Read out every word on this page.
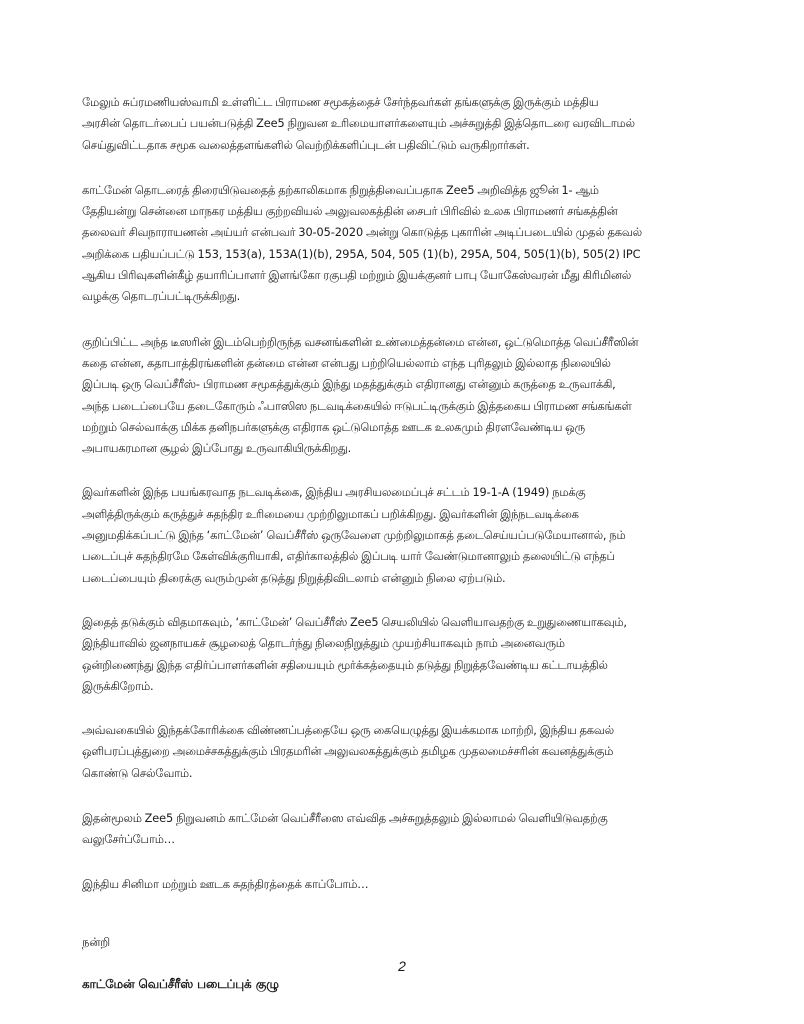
மேலும் சுப்ரமணியஸ்வாமி உள்ளிட்ட பிராமண சமூகத்தைச் சேர்ந்தவர்கள் தங்களுக்கு இருக்கும் மத்திய
அரசின் தொடர்பைப் பயன்படுத்தி Zee5 நிறுவன உரிமையாளர்களையும் அச்சுறுத்தி இத்தொடரை வரவிடாமல்
செய்துவிட்டதாக சமூக வலைத்தளங்களில் வெற்றிக்களிப்புடன் பதிவிட்டும் வருகிறார்கள்.

காட்மேன் தொடரைத் திரையிடுவதைத் தற்காலிகமாக நிறுத்திவைப்பதாக Zee5 அறிவித்த ஜூன் 1- ஆம்
தேதியன்று சென்னை மாநகர மத்திய குற்றவியல் அலுவலகத்தின் சைபர் பிரிவில் உலக பிராமணர் சங்கத்தின்
தலைவர் சிவநாராயணன் அய்யர் என்பவர் 30-05-2020 அன்று கொடுத்த புகாரின் அடிப்படையில் முதல் தகவல்
அறிக்கை பதியப்பட்டு 153, 153(a), 153A(1)(b), 295A, 504, 505 (1)(b), 295A, 504, 505(1)(b), 505(2) IPC
ஆகிய பிரிவுகளின்கீழ் தயாரிப்பாளர் இளங்கோ ரகுபதி மற்றும் இயக்குனர் பாபு யோகேஸ்வரன் மீது கிரிமினல்
வழக்கு தொடரப்பட்டிருக்கிறது.

குறிப்பிட்ட அந்த டீஸரின் இடம்பெற்றிருந்த வசனங்களின் உண்மைத்தன்மை என்ன, ஒட்டுமொத்த வெப்சீரீஸின்
கதை என்ன, கதாபாத்திரங்களின் தன்மை என்ன என்பது பற்றியெல்லாம் எந்த புரிதலும் இல்லாத நிலையில்
இப்படி ஒரு வெப்சீரீஸ்- பிராமண சமூகத்துக்கும் இந்து மதத்துக்கும் எதிரானது என்னும் கருத்தை உருவாக்கி,
அந்த படைப்பையே தடைகோரும் ஃபாஸிஸ நடவடிக்கையில் ஈடுபட்டிருக்கும் இத்தகைய பிராமண சங்கங்கள்
மற்றும் செல்வாக்கு மிக்க தனிநபர்களுக்கு எதிராக ஒட்டுமொத்த ஊடக உலகமும் திரளவேண்டிய ஒரு
அபாயகரமான சூழல் இப்போது உருவாகியிருக்கிறது.

இவர்களின் இந்த பயங்கரவாத நடவடிக்கை, இந்திய அரசியலமைப்புச் சட்டம் 19-1-A (1949) நமக்கு
அளித்திருக்கும் கருத்துச் சுதந்திர உரிமையை முற்றிலுமாகப் பறிக்கிறது. இவர்களின் இந்நடவடிக்கை
அனுமதிக்கப்பட்டு இந்த ‘காட்மேன்’ வெப்சீரீஸ் ஒருவேளை முற்றிலுமாகத் தடைசெய்யப்படுமேயானால், நம்
படைப்புச் சுதந்திரமே கேள்விக்குரியாகி, எதிர்காலத்தில் இப்படி யார் வேண்டுமானாலும் தலையிட்டு எந்தப்
படைப்பையும் திரைக்கு வரும்முன் தடுத்து நிறுத்திவிடலாம் என்னும் நிலை ஏற்படும்.

இதைத் தடுக்கும் விதமாகவும், ‘காட்மேன்’ வெப்சீரீஸ் Zee5 செயலியில் வெளியாவதற்கு உறுதுணையாகவும்,
இந்தியாவில் ஜனநாயகச் சூழலைத் தொடர்ந்து நிலைநிறுத்தும் முயற்சியாகவும் நாம் அனைவரும்
ஒன்றிணைந்து இந்த எதிர்ப்பாளர்களின் சதியையும் மூர்க்கத்தையும் தடுத்து நிறுத்தவேண்டிய கட்டாயத்தில்
இருக்கிறோம்.

அவ்வகையில் இந்தக்கோரிக்கை விண்ணப்பத்தையே ஒரு கையெழுத்து இயக்கமாக மாற்றி, இந்திய தகவல்
ஒளிபரப்புத்துறை அமைச்சகத்துக்கும் பிரதமரின் அலுவலகத்துக்கும் தமிழக முதலமைச்சரின் கவனத்துக்கும்
கொண்டு செல்வோம்.

இதன்மூலம் Zee5 நிறுவனம் காட்மேன் வெப்சீரீஸை எவ்வித அச்சுறுத்தலும் இல்லாமல் வெளியிடுவதற்கு
வலுசேர்ப்போம்…

இந்திய சினிமா மற்றும் ஊடக சுதந்திரத்தைக் காப்போம்…

நன்றி

காட்மேன் வெப்சீரீஸ் படைப்புக் குழு

2
